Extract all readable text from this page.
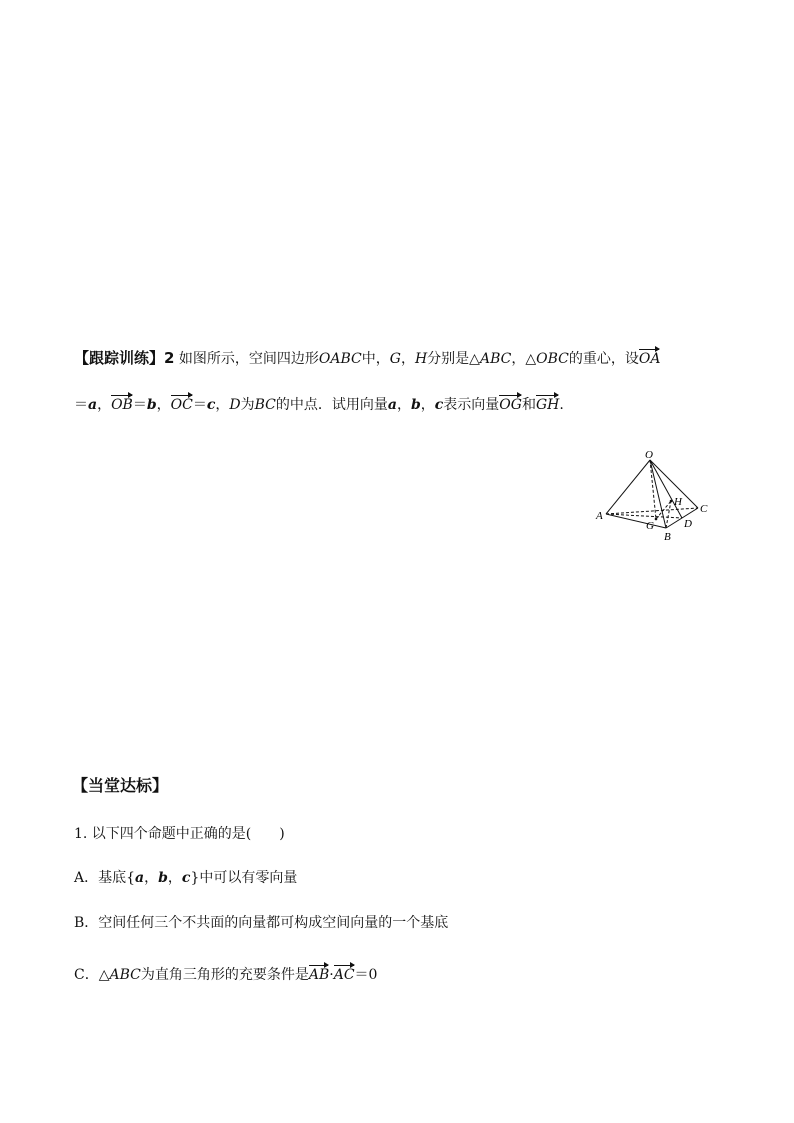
【跟踪训练】2 如图所示，空间四边形OABC中，G，H分别是△ABC，△OBC的重心，设OA
＝a，OB＝b，OC＝c，D为BC的中点．试用向量a，b，c表示向量OG和GH.
O
A
B
C
D
G
H
【当堂达标】
1. 以下四个命题中正确的是(　　)
A．基底{a，b，c}中可以有零向量
B．空间任何三个不共面的向量都可构成空间向量的一个基底
C．△ABC为直角三角形的充要条件是AB·AC＝0
